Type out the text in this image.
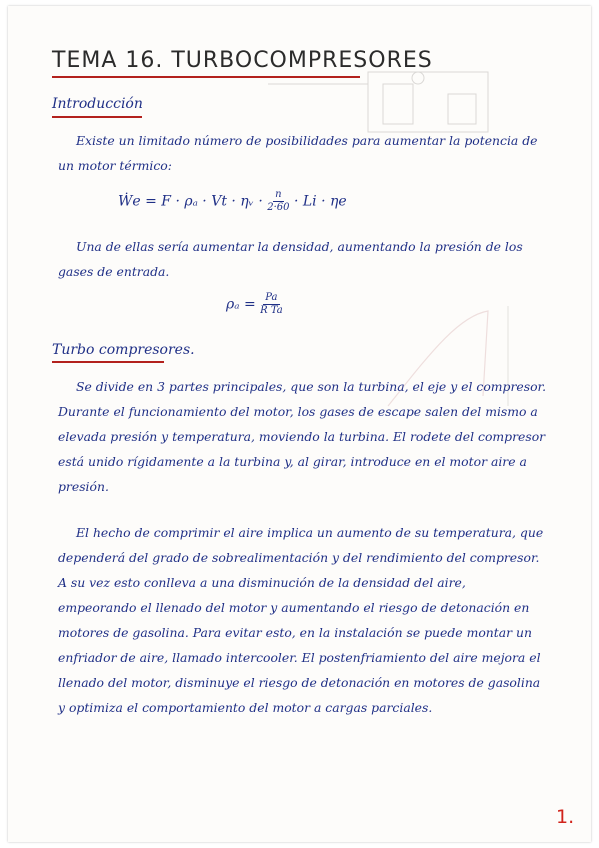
TEMA 16. TURBOCOMPRESORES
Introducción

Existe un limitado número de posibilidades para aumentar la potencia de un motor térmico:

Ẇe = F · ρₐ · Vt · ηᵥ · $\frac{n}{2\cdot 60} \cdot Li \cdot \eta e$

Una de ellas sería aumentar la densidad, aumentando la presión de los gases de entrada.

$\rho_a = \frac{Pa}{\text{R Ta}}$
Turbo compresores.

Se divide en 3 partes principales, que son la turbina, el eje y el compresor. Durante el funcionamiento del motor, los gases de escape salen del mismo a elevada presión y temperatura, moviendo la turbina. El rodete del compresor está unido rígidamente a la turbina y, al girar, introduce en el motor aire a presión.

El hecho de comprimir el aire implica un aumento de su temperatura, que dependerá del grado de sobrealimentación y del rendimiento del compresor. A su vez esto conlleva a una disminución de la densidad del aire, empeorando el llenado del motor y aumentando el riesgo de detonación en motores de gasolina. Para evitar esto, en la instalación se puede montar un enfriador de aire, llamado intercooler. El postenfriamiento del aire mejora el llenado del motor, disminuye el riesgo de detonación en motores de gasolina y optimiza el comportamiento del motor a cargas parciales.

1.
